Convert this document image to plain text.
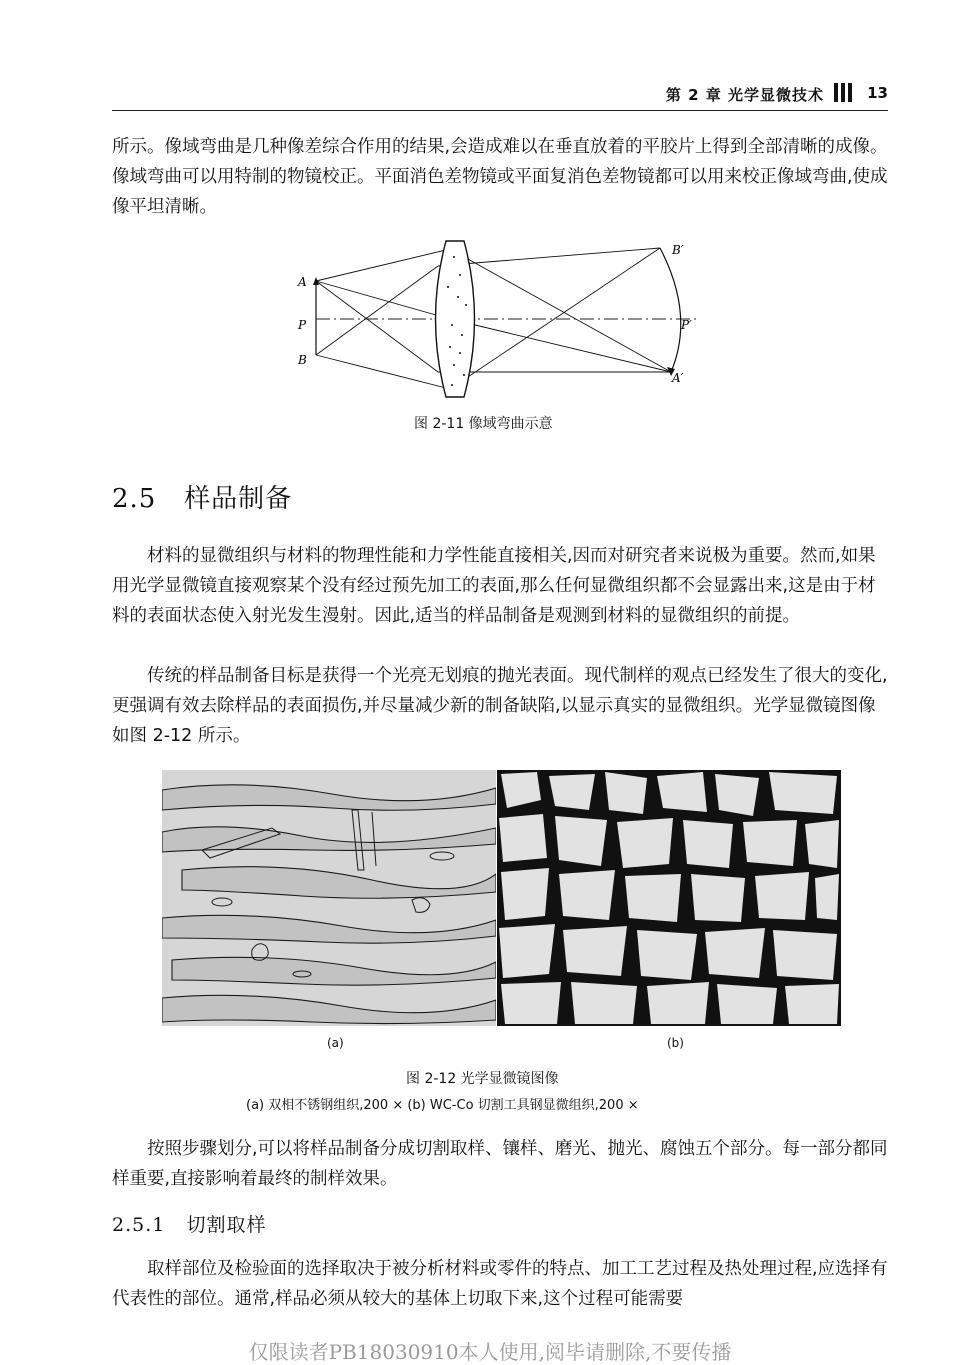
第 2 章 光学显微技术	13

所示。像域弯曲是几种像差综合作用的结果,会造成难以在垂直放着的平胶片上得到全部清晰的成像。像域弯曲可以用特制的物镜校正。平面消色差物镜或平面复消色差物镜都可以用来校正像域弯曲,使成像平坦清晰。

A
P
B
B′
P′
A′
图 2-11 像域弯曲示意
2.5 样品制备

材料的显微组织与材料的物理性能和力学性能直接相关,因而对研究者来说极为重要。然而,如果用光学显微镜直接观察某个没有经过预先加工的表面,那么任何显微组织都不会显露出来,这是由于材料的表面状态使入射光发生漫射。因此,适当的样品制备是观测到材料的显微组织的前提。

传统的样品制备目标是获得一个光亮无划痕的抛光表面。现代制样的观点已经发生了很大的变化,更强调有效去除样品的表面损伤,并尽量减少新的制备缺陷,以显示真实的显微组织。光学显微镜图像如图 2-12 所示。

(a)	(b)
图 2-12 光学显微镜图像
(a) 双相不锈钢组织,200 × (b) WC-Co 切割工具钢显微组织,200 ×

按照步骤划分,可以将样品制备分成切割取样、镶样、磨光、抛光、腐蚀五个部分。每一部分都同样重要,直接影响着最终的制样效果。

2.5.1 切割取样

取样部位及检验面的选择取决于被分析材料或零件的特点、加工工艺过程及热处理过程,应选择有代表性的部位。通常,样品必须从较大的基体上切取下来,这个过程可能需要

仅限读者PB18030910本人使用,阅毕请删除,不要传播
